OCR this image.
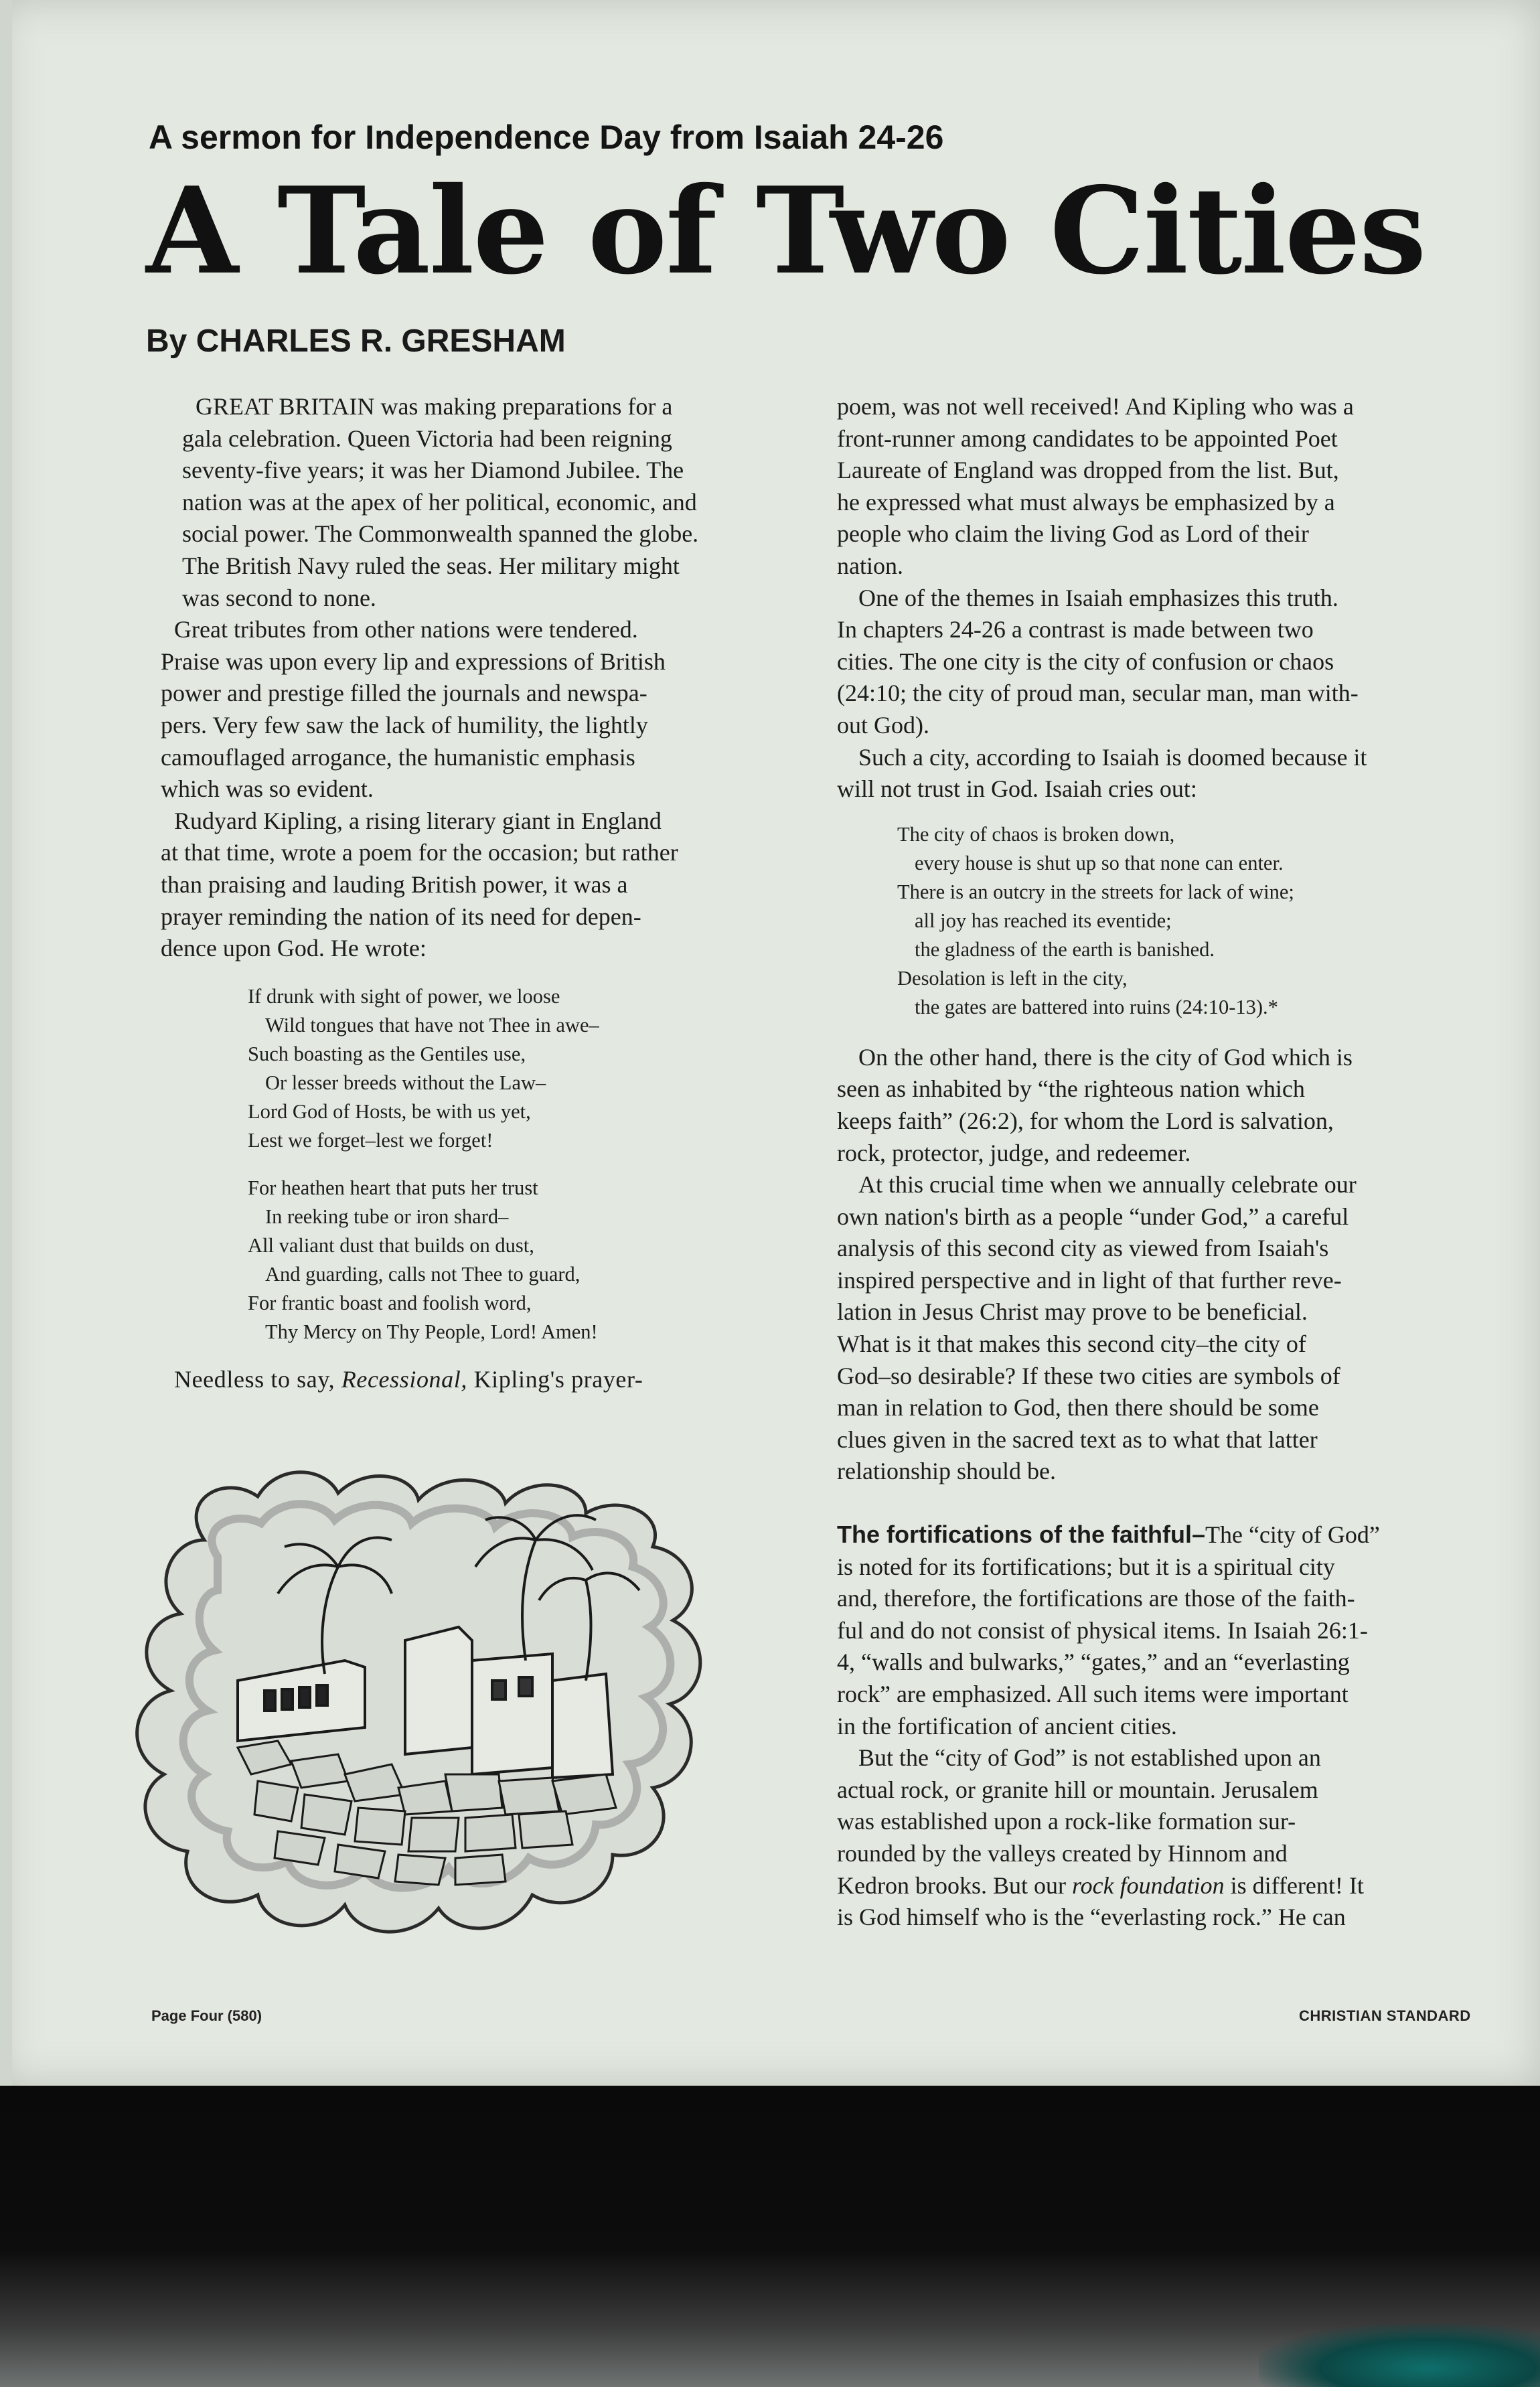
A sermon for Independence Day from Isaiah 24-26
A Tale of Two Cities
By CHARLES R. GRESHAM

GREAT BRITAIN was making preparations for a
gala celebration. Queen Victoria had been reigning
seventy-five years; it was her Diamond Jubilee. The
nation was at the apex of her political, economic, and
social power. The Commonwealth spanned the globe.
The British Navy ruled the seas. Her military might
was second to none.

Great tributes from other nations were tendered.
Praise was upon every lip and expressions of British
power and prestige filled the journals and newspa-
pers. Very few saw the lack of humility, the lightly
camouflaged arrogance, the humanistic emphasis
which was so evident.

Rudyard Kipling, a rising literary giant in England
at that time, wrote a poem for the occasion; but rather
than praising and lauding British power, it was a
prayer reminding the nation of its need for depen-
dence upon God. He wrote:

If drunk with sight of power, we loose
Wild tongues that have not Thee in awe–
Such boasting as the Gentiles use,
Or lesser breeds without the Law–
Lord God of Hosts, be with us yet,
Lest we forget–lest we forget!
For heathen heart that puts her trust
In reeking tube or iron shard–
All valiant dust that builds on dust,
And guarding, calls not Thee to guard,
For frantic boast and foolish word,
Thy Mercy on Thy People, Lord! Amen!

Needless to say, Recessional, Kipling's prayer-

poem, was not well received! And Kipling who was a
front-runner among candidates to be appointed Poet
Laureate of England was dropped from the list. But,
he expressed what must always be emphasized by a
people who claim the living God as Lord of their
nation.

One of the themes in Isaiah emphasizes this truth.
In chapters 24-26 a contrast is made between two
cities. The one city is the city of confusion or chaos
(24:10; the city of proud man, secular man, man with-
out God).

Such a city, according to Isaiah is doomed because it
will not trust in God. Isaiah cries out:

The city of chaos is broken down,
every house is shut up so that none can enter.
There is an outcry in the streets for lack of wine;
all joy has reached its eventide;
the gladness of the earth is banished.
Desolation is left in the city,
the gates are battered into ruins (24:10-13).*

On the other hand, there is the city of God which is
seen as inhabited by “the righteous nation which
keeps faith” (26:2), for whom the Lord is salvation,
rock, protector, judge, and redeemer.

At this crucial time when we annually celebrate our
own nation's birth as a people “under God,” a careful
analysis of this second city as viewed from Isaiah's
inspired perspective and in light of that further reve-
lation in Jesus Christ may prove to be beneficial.
What is it that makes this second city–the city of
God–so desirable? If these two cities are symbols of
man in relation to God, then there should be some
clues given in the sacred text as to what that latter
relationship should be.

The fortifications of the faithful–The “city of God”
is noted for its fortifications; but it is a spiritual city
and, therefore, the fortifications are those of the faith-
ful and do not consist of physical items. In Isaiah 26:1-
4, “walls and bulwarks,” “gates,” and an “everlasting
rock” are emphasized. All such items were important
in the fortification of ancient cities.

But the “city of God” is not established upon an
actual rock, or granite hill or mountain. Jerusalem
was established upon a rock-like formation sur-
rounded by the valleys created by Hinnom and
Kedron brooks. But our rock foundation is different! It
is God himself who is the “everlasting rock.” He can

Page Four (580)	CHRISTIAN STANDARD
